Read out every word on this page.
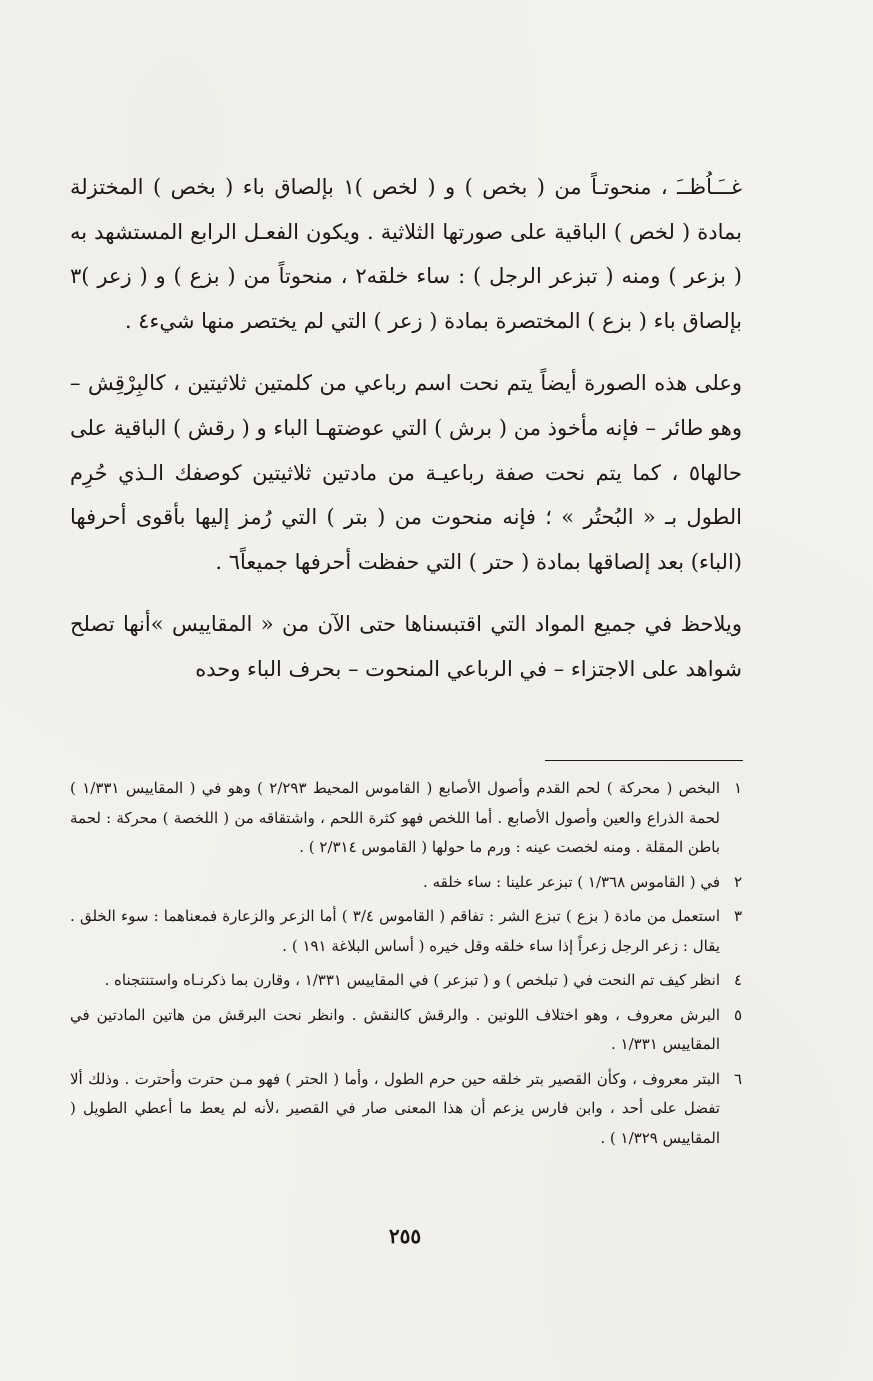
غــَـاُظــَ ، منحوتـاً من ( بخص ) و ( لخص )١ بإلصاق باء ( بخص ) المختزلة بمادة ( لخص ) الباقية على صورتها الثلاثية . ويكون الفعـل الرابع المستشهد به ( بزعر ) ومنه ( تبزعر الرجل ) : ساء خلقه٢ ، منحوتاً من ( بزع ) و ( زعر )٣ بإلصاق باء ( بزع ) المختصرة بمادة ( زعر ) التي لم يختصر منها شيء٤ .

وعلى هذه الصورة أيضاً يتم نحت اسم رباعي من كلمتين ثلاثيتين ، كالبِرْقِش – وهو طائر – فإنه مأخوذ من ( برش ) التي عوضتهـا الباء و ( رقش ) الباقية على حالها٥ ، كما يتم نحت صفة رباعيـة من مادتين ثلاثيتين كوصفك الـذي حُرِم الطول بـ « البُحتُر » ؛ فإنه منحوت من ( بتر ) التي رُمز إليها بأقوى أحرفها (الباء) بعد إلصاقها بمادة ( حتر ) التي حفظت أحرفها جميعاً٦ .

ويلاحظ في جميع المواد التي اقتبسناها حتى الآن من « المقاييس »أنها تصلح شواهد على الاجتزاء – في الرباعي المنحوت – بحرف الباء وحده

١
البخص ( محركة ) لحم القدم وأصول الأصابع ( القاموس المحيط ٢/٢٩٣ ) وهو في ( المقاييس ١/٣٣١ ) لحمة الذراع والعين وأصول الأصابع . أما اللخص فهو كثرة اللحم ، واشتقاقه من ( اللخصة ) محركة : لحمة باطن المقلة . ومنه لخصت عينه : ورم ما حولها ( القاموس ٢/٣١٤ ) .
٢
في ( القاموس ١/٣٦٨ ) تبزعر علينا : ساء خلقه .
٣
استعمل من مادة ( بزع ) تبزع الشر : تفاقم ( القاموس ٣/٤ ) أما الزعر والزعارة فمعناهما : سوء الخلق . يقال : زعر الرجل زعراً إذا ساء خلقه وقل خيره ( أساس البلاغة ١٩١ ) .
٤
انظر كيف تم النحت في ( تبلخص ) و ( تبزعر ) في المقاييس ١/٣٣١ ، وقارن بما ذكرنـاه واستنتجناه .
٥
البرش معروف ، وهو اختلاف اللونين . والرقش كالنقش . وانظر نحت البرقش من هاتين المادتين في المقاييس ١/٣٣١ .
٦
البتر معروف ، وكأن القصير بتر خلقه حين حرم الطول ، وأما ( الحتر ) فهو مـن حترت وأحترت . وذلك ألا تفضل على أحد ، وابن فارس يزعم أن هذا المعنى صار في القصير ،لأنه لم يعط ما أعطي الطويل ( المقاييس ١/٣٢٩ ) .
٢٥٥
